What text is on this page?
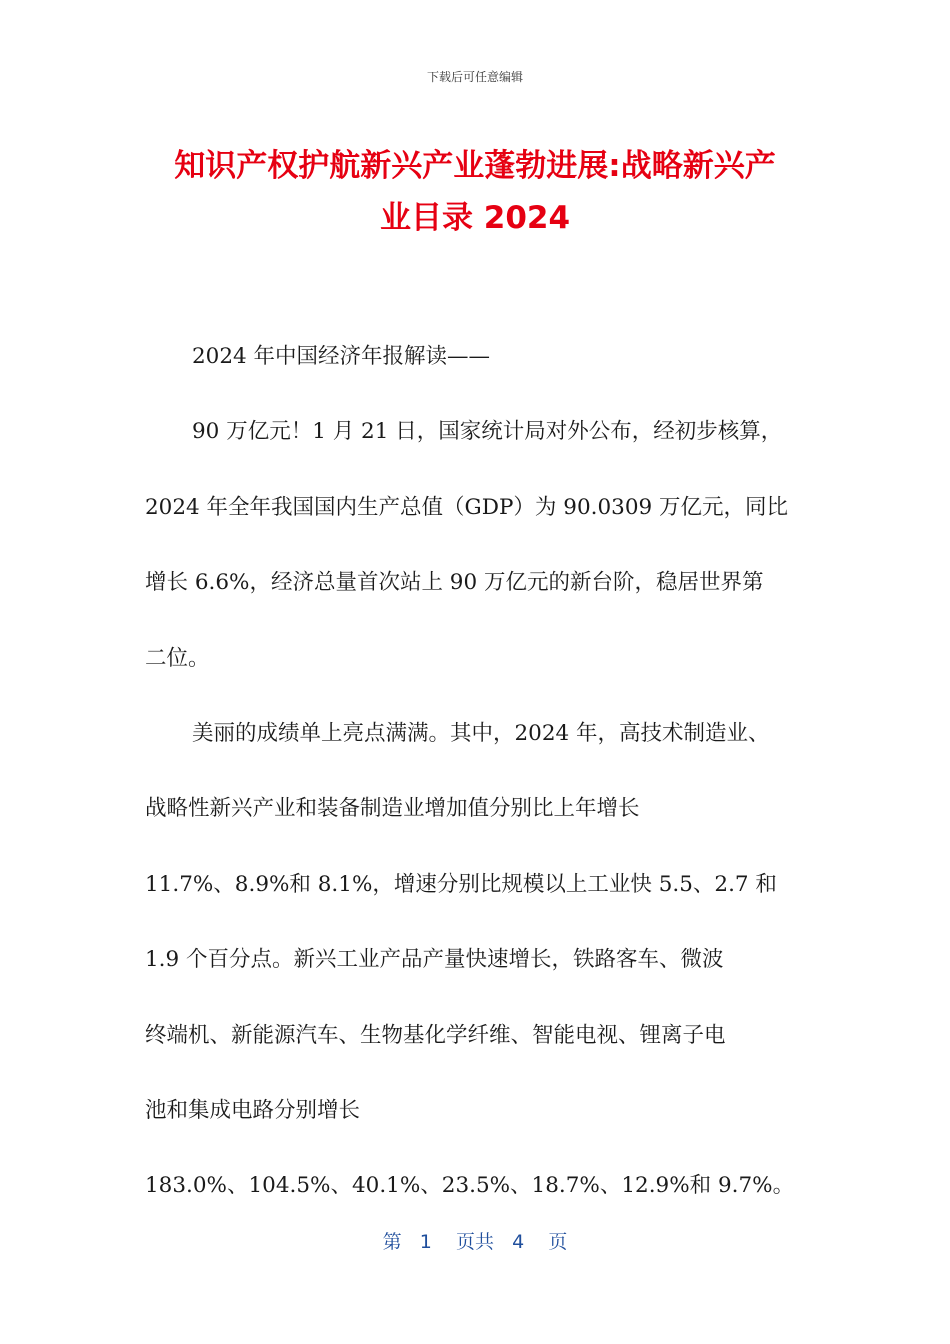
下载后可任意编辑
知识产权护航新兴产业蓬勃进展:战略新兴产
业目录 2024

2024 年中国经济年报解读——

90 万亿元！1 月 21 日，国家统计局对外公布，经初步核算，
2024 年全年我国国内生产总值（GDP）为 90.0309 万亿元，同比
增长 6.6%，经济总量首次站上 90 万亿元的新台阶，稳居世界第
二位。

美丽的成绩单上亮点满满。其中，2024 年，高技术制造业、
战略性新兴产业和装备制造业增加值分别比上年增长
11.7%、8.9%和 8.1%，增速分别比规模以上工业快 5.5、2.7 和
1.9 个百分点。新兴工业产品产量快速增长，铁路客车、微波
终端机、新能源汽车、生物基化学纤维、智能电视、锂离子电
池和集成电路分别增长
183.0%、104.5%、40.1%、23.5%、18.7%、12.9%和 9.7%。

第 1 页共 4 页
